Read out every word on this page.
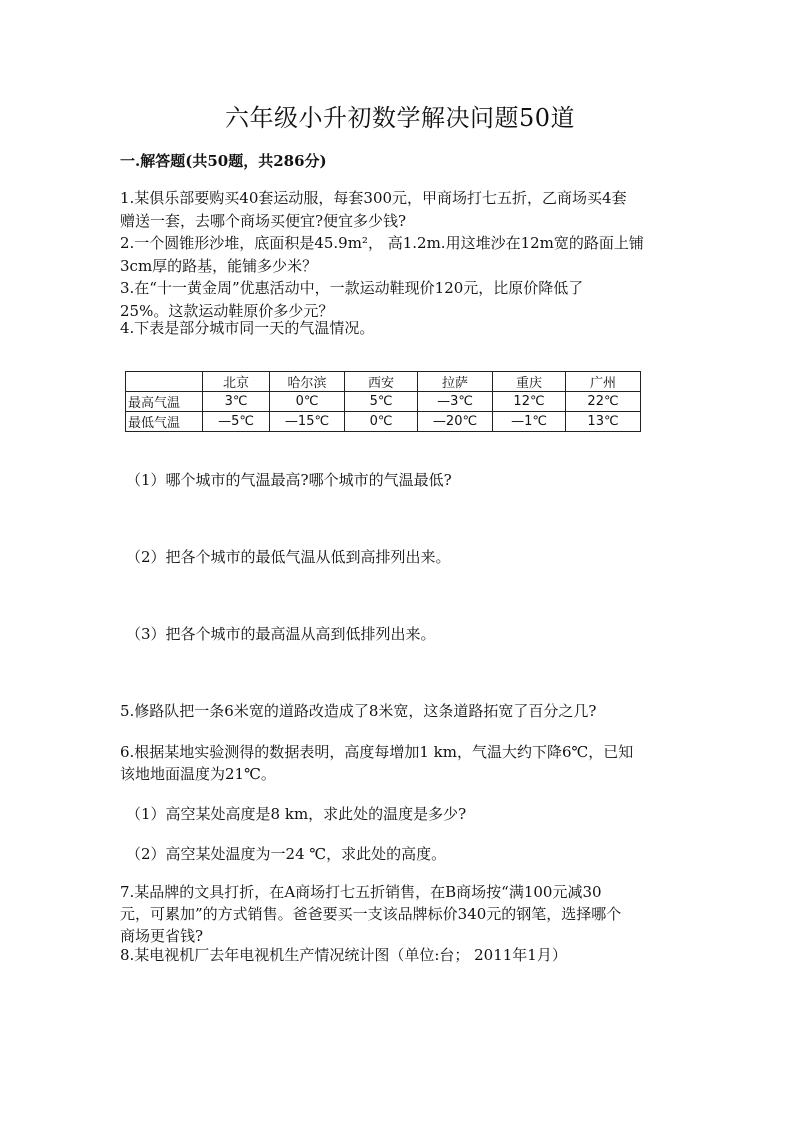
六年级小升初数学解决问题50道
一.解答题(共50题，共286分)
1.某俱乐部要购买40套运动服，每套300元，甲商场打七五折，乙商场买4套
赠送一套，去哪个商场买便宜?便宜多少钱?
2.一个圆锥形沙堆，底面积是45.9m²， 高1.2m.用这堆沙在12m宽的路面上铺
3cm厚的路基，能铺多少米？
3.在“十一黄金周”优惠活动中，一款运动鞋现价120元，比原价降低了
25%。这款运动鞋原价多少元？
4.下表是部分城市同一天的气温情况。
	北京	哈尔滨	西安	拉萨	重庆	广州
最高气温	3℃	0℃	5℃	—3℃	12℃	22℃
最低气温	—5℃	—15℃	0℃	—20℃	—1℃	13℃
（1）哪个城市的气温最高?哪个城市的气温最低?
（2）把各个城市的最低气温从低到高排列出来。
（3）把各个城市的最高温从高到低排列出来。
5.修路队把一条6米宽的道路改造成了8米宽，这条道路拓宽了百分之几?
6.根据某地实验测得的数据表明，高度每增加1 km，气温大约下降6℃，已知
该地地面温度为21℃。
（1）高空某处高度是8 km，求此处的温度是多少?
（2）高空某处温度为一24 ℃，求此处的高度。
7.某品牌的文具打折，在A商场打七五折销售，在B商场按“满100元减30
元，可累加”的方式销售。爸爸要买一支该品牌标价340元的钢笔，选择哪个
商场更省钱?
8.某电视机厂去年电视机生产情况统计图（单位:台； 2011年1月）
